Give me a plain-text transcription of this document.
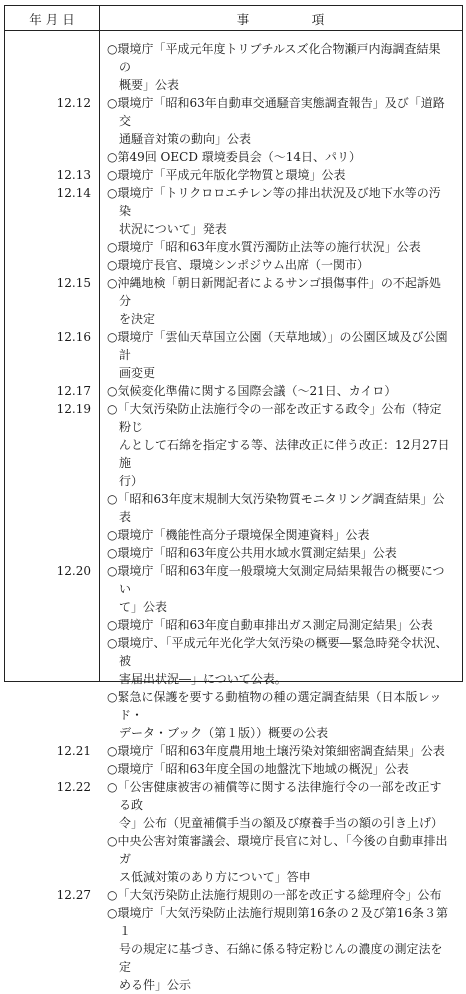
年 月 日	事　　　　　項
○環境庁「平成元年度トリブチルスズ化合物瀬戸内海調査結果の
概要」公表
12.12 ○環境庁「昭和63年自動車交通騒音実態調査報告」及び「道路交
通騒音対策の動向」公表
○第49回 OECD 環境委員会（～14日、パリ）
12.13 ○環境庁「平成元年版化学物質と環境」公表
12.14 ○環境庁「トリクロロエチレン等の排出状況及び地下水等の汚染
状況について」発表
○環境庁「昭和63年度水質汚濁防止法等の施行状況」公表
○環境庁長官、環境シンポジウム出席（一関市）
12.15 ○沖縄地検「朝日新聞記者によるサンゴ損傷事件」の不起訴処分
を決定
12.16 ○環境庁「雲仙天草国立公園（天草地域）」の公園区域及び公園計
画変更
12.17 ○気候変化準備に関する国際会議（～21日、カイロ）
12.19 ○「大気汚染防止法施行令の一部を改正する政令」公布（特定粉じ
んとして石綿を指定する等、法律改正に伴う改正：12月27日施
行）
○「昭和63年度末規制大気汚染物質モニタリング調査結果」公表
○環境庁「機能性高分子環境保全関連資料」公表
○環境庁「昭和63年度公共用水域水質測定結果」公表
12.20 ○環境庁「昭和63年度一般環境大気測定局結果報告の概要につい
て」公表
○環境庁「昭和63年度自動車排出ガス測定局測定結果」公表
○環境庁、「平成元年光化学大気汚染の概要―緊急時発令状況、被
害届出状況―」について公表。
○緊急に保護を要する動植物の種の選定調査結果（日本版レッド・
データ・ブック（第１版））概要の公表
12.21 ○環境庁「昭和63年度農用地土壌汚染対策細密調査結果」公表
○環境庁「昭和63年度全国の地盤沈下地域の概況」公表
12.22 ○「公害健康被害の補償等に関する法律施行令の一部を改正する政
令」公布（児童補償手当の額及び療養手当の額の引き上げ）
○中央公害対策審議会、環境庁長官に対し、「今後の自動車排出ガ
ス低減対策のあり方について」答申
12.27 ○「大気汚染防止法施行規則の一部を改正する総理府令」公布
○環境庁「大気汚染防止法施行規則第16条の２及び第16条３第１
号の規定に基づき、石綿に係る特定粉じんの濃度の測定法を定
める件」公示
